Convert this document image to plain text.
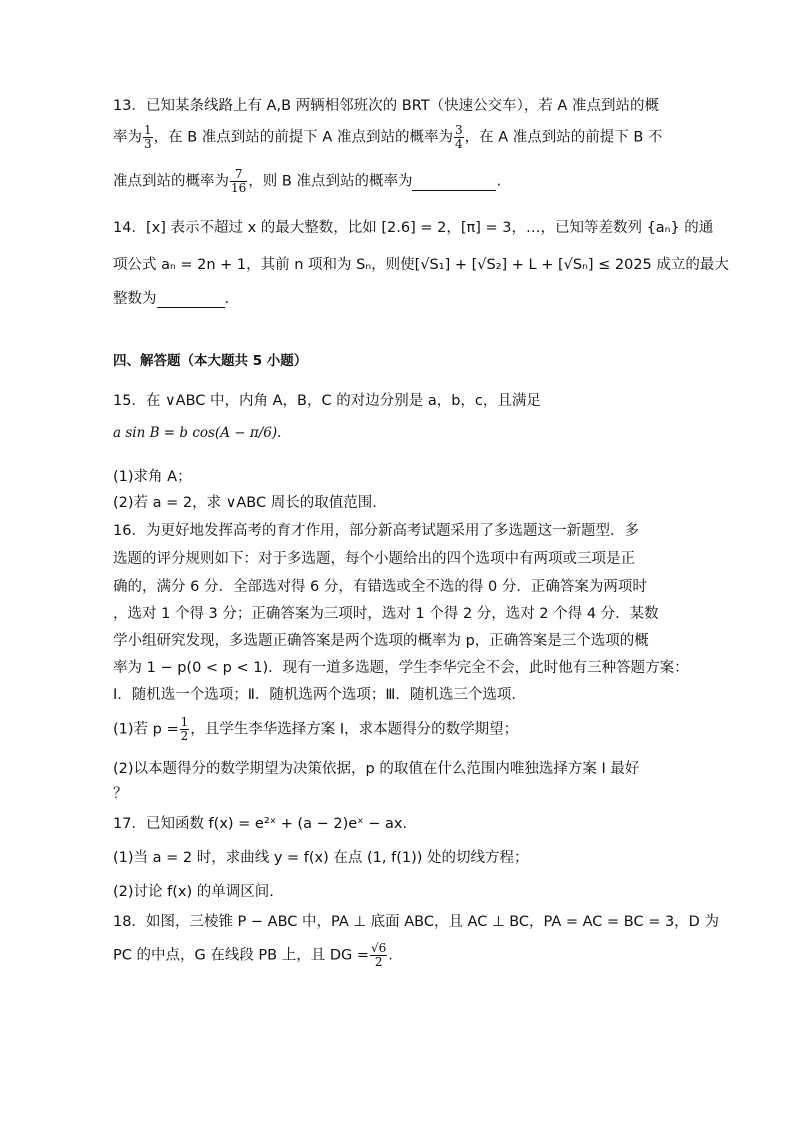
13．已知某条线路上有 A,B 两辆相邻班次的 BRT（快速公交车），若 A 准点到站的概
率为 $\frac{1}{3}$ ，在 B 准点到站的前提下 A 准点到站的概率为 $\frac{3}{4}$ ，在 A 准点到站的前提下 B 不
准点到站的概率为 $\frac{7}{16}$ ，则 B 准点到站的概率为	.
14．[x] 表示不超过 x 的最大整数，比如 [2.6] = 2，[π] = 3，…，已知等差数列 {aₙ} 的通
项公式 aₙ = 2n + 1，其前 n 项和为 Sₙ，则使[√S₁] + [√S₂] + L + [√Sₙ] ≤ 2025 成立的最大
整数为	.
四、解答题（本大题共 5 小题）
15．在 ∨ABC 中，内角 A，B，C 的对边分别是 a，b，c，且满足
a sin B = b cos(A − π/6).
(1)求角 A；
(2)若 a = 2，求 ∨ABC 周长的取值范围.
16．为更好地发挥高考的育才作用，部分新高考试题采用了多选题这一新题型．多
选题的评分规则如下：对于多选题，每个小题给出的四个选项中有两项或三项是正
确的，满分 6 分．全部选对得 6 分，有错选或全不选的得 0 分．正确答案为两项时
，选对 1 个得 3 分；正确答案为三项时，选对 1 个得 2 分，选对 2 个得 4 分．某数
学小组研究发现，多选题正确答案是两个选项的概率为 p，正确答案是三个选项的概
率为 1 − p(0 < p < 1)．现有一道多选题，学生李华完全不会，此时他有三种答题方案：
Ⅰ．随机选一个选项；Ⅱ．随机选两个选项；Ⅲ．随机选三个选项．
(1)若 $p = \frac{1}{2}$ ，且学生李华选择方案 I，求本题得分的数学期望；
(2)以本题得分的数学期望为决策依据，p 的取值在什么范围内唯独选择方案 I 最好
？
17．已知函数 f(x) = e²ˣ + (a − 2)eˣ − ax.
(1)当 a = 2 时，求曲线 y = f(x) 在点 (1, f(1)) 处的切线方程；
(2)讨论 f(x) 的单调区间.
18．如图，三棱锥 P − ABC 中，PA ⊥ 底面 ABC，且 AC ⊥ BC，PA = AC = BC = 3，D 为
PC 的中点，G 在线段 PB 上，且 DG = $\frac{√6}{2}$ .
